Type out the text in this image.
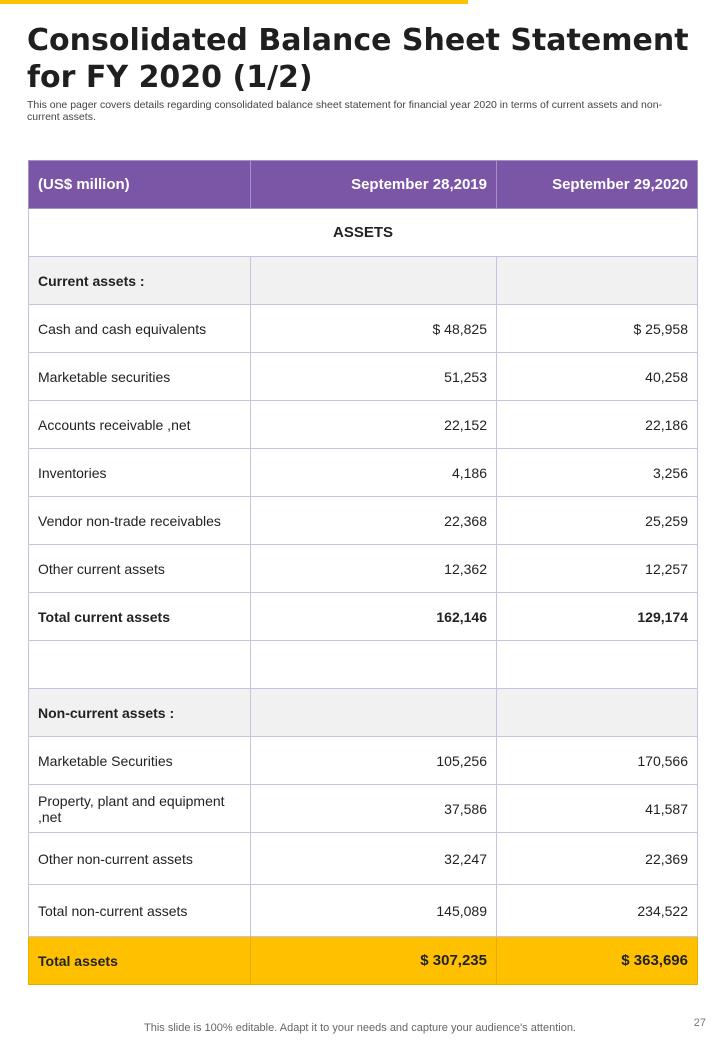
Consolidated Balance Sheet Statement for FY 2020 (1/2)

This one pager covers details regarding consolidated balance sheet statement for financial year 2020 in terms of current assets and non-current assets.

(US$ million)	September 28,2019	September 29,2020
ASSETS		
Current assets :		
Cash and cash equivalents	$ 48,825	$ 25,958
Marketable securities	51,253	40,258
Accounts receivable ,net	22,152	22,186
Inventories	4,186	3,256
Vendor non-trade receivables	22,368	25,259
Other current assets	12,362	12,257
Total current assets	162,146	129,174

Non-current assets :		
Marketable Securities	105,256	170,566
Property, plant and equipment ,net	37,586	41,587
Other non-current assets	32,247	22,369
Total non-current assets	145,089	234,522
Total assets	$ 307,235	$ 363,696
This slide is 100% editable. Adapt it to your needs and capture your audience's attention.	27
